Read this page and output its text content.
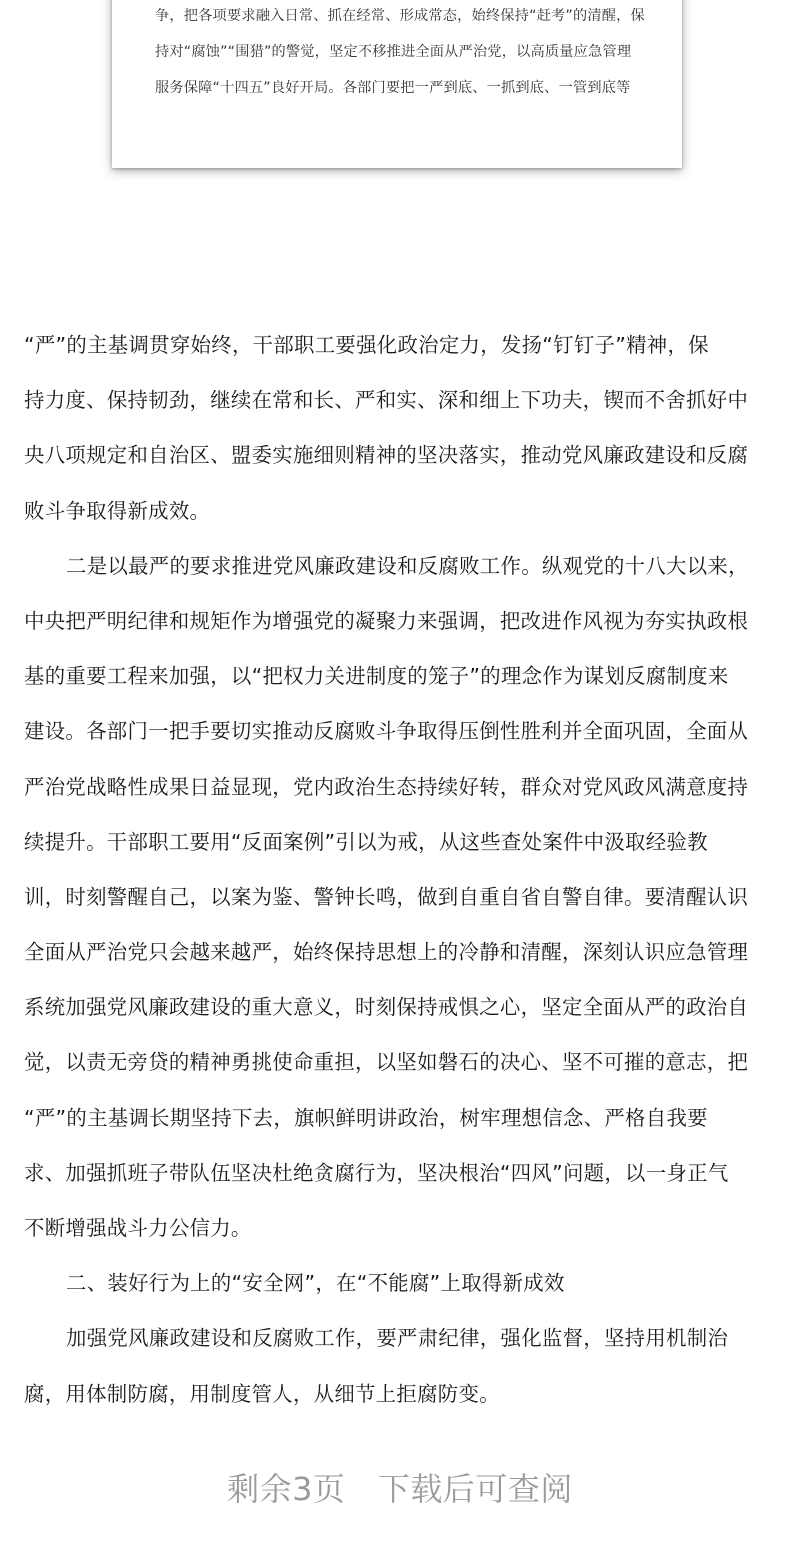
争，把各项要求融入日常、抓在经常、形成常态，始终保持“赶考”的清醒，保
持对“腐蚀”“围猎”的警觉，坚定不移推进全面从严治党，以高质量应急管理
服务保障“十四五”良好开局。各部门要把一严到底、一抓到底、一管到底等
“严”的主基调贯穿始终，干部职工要强化政治定力，发扬“钉钉子”精神，保
持力度、保持韧劲，继续在常和长、严和实、深和细上下功夫，锲而不舍抓好中
央八项规定和自治区、盟委实施细则精神的坚决落实，推动党风廉政建设和反腐
败斗争取得新成效。
二是以最严的要求推进党风廉政建设和反腐败工作。纵观党的十八大以来，
中央把严明纪律和规矩作为增强党的凝聚力来强调，把改进作风视为夯实执政根
基的重要工程来加强，以“把权力关进制度的笼子”的理念作为谋划反腐制度来
建设。各部门一把手要切实推动反腐败斗争取得压倒性胜利并全面巩固，全面从
严治党战略性成果日益显现，党内政治生态持续好转，群众对党风政风满意度持
续提升。干部职工要用“反面案例”引以为戒，从这些查处案件中汲取经验教
训，时刻警醒自己，以案为鉴、警钟长鸣，做到自重自省自警自律。要清醒认识
全面从严治党只会越来越严，始终保持思想上的冷静和清醒，深刻认识应急管理
系统加强党风廉政建设的重大意义，时刻保持戒惧之心，坚定全面从严的政治自
觉，以责无旁贷的精神勇挑使命重担，以坚如磐石的决心、坚不可摧的意志，把
“严”的主基调长期坚持下去，旗帜鲜明讲政治，树牢理想信念、严格自我要
求、加强抓班子带队伍坚决杜绝贪腐行为，坚决根治“四风”问题，以一身正气
不断增强战斗力公信力。
二、装好行为上的“安全网”，在“不能腐”上取得新成效
加强党风廉政建设和反腐败工作，要严肃纪律，强化监督，坚持用机制治
腐，用体制防腐，用制度管人，从细节上拒腐防变。
剩余3页　下载后可查阅
